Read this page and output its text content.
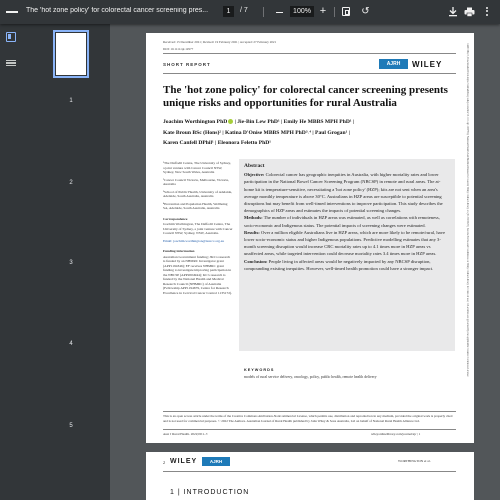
The 'hot zone policy' for colorectal cancer screening pres...	1	/ 7	100% +	↺
1
2
3
4
5
Received: 15 December 2021 | Revised: 19 February 2021 | Accepted: 27 February 2021
DOI: 10.1111/ajr.12977
SHORT REPORT	AJRH	WILEY
The 'hot zone policy' for colorectal cancer screening presents unique risks and opportunities for rural Australia
Joachim Worthington PhD | Jie-Bin Lew PhD¹ | Emily He MBBS MPH PhD¹ |
Kate Broun BSc (Hons)² | Katina D'Onise MBBS MPH PhD³˒⁴ | Paul Grogan¹ |
Karen Canfell DPhil¹ | Eleonora Feletto PhD¹

¹The Daffodil Centre, The University of Sydney, a joint venture with Cancer Council NSW, Sydney, New South Wales, Australia

²Cancer Council Victoria, Melbourne, Victoria, Australia

³School of Public Health, University of Adelaide, Adelaide, South Australia, Australia

⁴Prevention and Population Health, Wellbeing SA, Adelaide, South Australia, Australia

Correspondence

Joachim Worthington, The Daffodil Centre, The University of Sydney, a joint venture with Cancer Council NSW, Sydney, NSW, Australia.

Email: joachim.worthington@nswcc.org.au

Funding information

Australian Government funding; JKL's research is funded by an NHMRC Investigator grant (APP1194346); EF receives NHMRC grant funding to investigate improving participation in the NBCSP (APP2004944); KC's research is funded by the National Health and Medical Research Council (NHMRC) of Australia (Fellowship APP1194679, Centre for Research Excellence in Cervical Cancer Control 1135172).

Abstract

Objective: Colorectal cancer has geographic inequities in Australia, with higher mortality rates and lower participation in the National Bowel Cancer Screening Program (NBCSP) in remote and rural areas. The at-home kit is temperature-sensitive, necessitating a 'hot zone policy' (HZP); kits are not sent when an area's average monthly temperature is above 30°C. Australians in HZP areas are susceptible to potential screening disruptions but may benefit from well-timed interventions to improve participation. This study describes the demographics of HZP areas and estimates the impacts of potential screening changes.

Methods: The number of individuals in HZP areas was estimated, as well as correlations with remoteness, socio-economic and Indigenous status. The potential impacts of screening changes were estimated.

Results: Over a million eligible Australians live in HZP areas, which are more likely to be remote/rural, have lower socio-economic status and higher Indigenous populations. Predictive modelling estimates that any 3-month screening disruption would increase CRC mortality rates up to 4.1 times more in HZP areas vs unaffected areas, while targeted intervention could decrease mortality rates 3.4 times more in HZP areas.

Conclusion: People living in affected areas would be negatively impacted by any NBCSP disruption, compounding existing inequities. However, well-timed health promotion could have a stronger impact.

KEYWORDS
models of rural service delivery, oncology, policy, public health, remote health delivery
This is an open access article under the terms of the Creative Commons Attribution-NonCommercial License, which permits use, distribution and reproduction in any medium, provided the original work is properly cited and is not used for commercial purposes. © 2022 The Authors. Australian Journal of Rural Health published by John Wiley & Sons Australia, Ltd on behalf of National Rural Health Alliance Ltd.
Aust J Rural Health. 2022;00:1–7.	wileyonlinelibrary.com/journal/ajr | 1
14401584, 0, Downloaded from https://onlinelibrary.wiley.com/doi/10.1111/ajr.12977 by National Health And Medical Research Council, Wiley Online Library on [01/03/2023]. See the Terms and Conditions on Wiley Online Library for rules of use; OA articles are governed by the applicable Creative Commons License
2 WILEY	AJRH	WORTHINGTON et al.
1 | INTRODUCTION
